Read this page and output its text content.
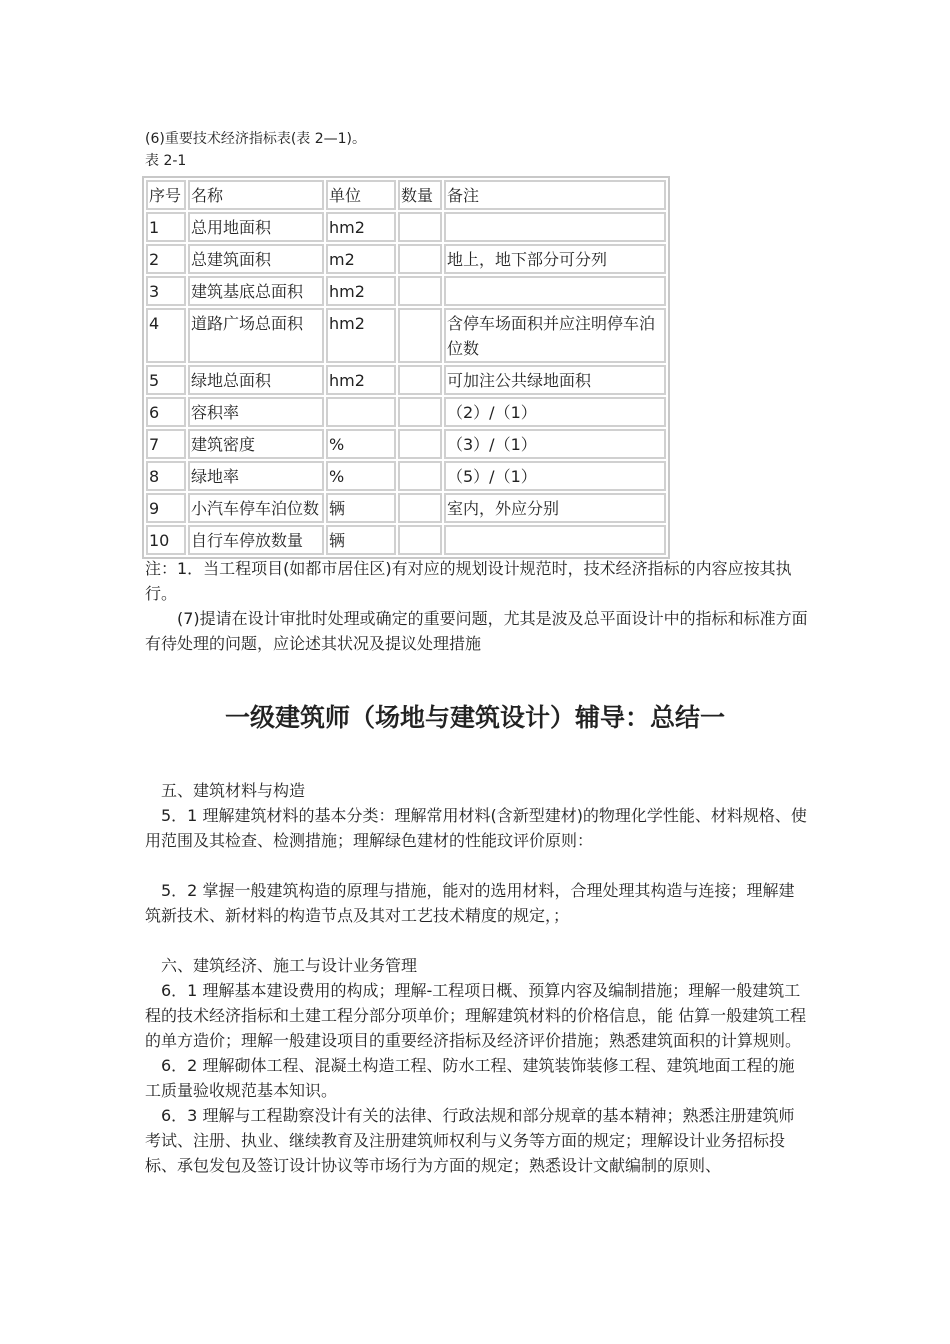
(6)重要技术经济指标表(表 2—1)。
表 2-1
序号	名称	单位	数量	备注
1	总用地面积	hm2		
2	总建筑面积	m2		地上，地下部分可分列
3	建筑基底总面积	hm2		
4	道路广场总面积	hm2		含停车场面积并应注明停车泊位数
5	绿地总面积	hm2		可加注公共绿地面积
6	容积率			（2）/（1）
7	建筑密度	%		（3）/（1）
8	绿地率	%		（5）/（1）
9	小汽车停车泊位数	辆		室内，外应分别
10	自行车停放数量	辆		

注：1．当工程项目(如都市居住区)有对应的规划设计规范时，技术经济指标的内容应按其执行。

(7)提请在设计审批时处理或确定的重要问题，尤其是波及总平面设计中的指标和标准方面有待处理的问题，应论述其状况及提议处理措施

一级建筑师（场地与建筑设计）辅导：总结一

五、建筑材料与构造

5．1 理解建筑材料的基本分类：理解常用材料(含新型建材)的物理化学性能、材料规格、使用范围及其检查、检测措施；理解绿色建材的性能玟评价原则：

5．2 掌握一般建筑构造的原理与措施，能对的选用材料，合理处理其构造与连接；理解建筑新技术、新材料的构造节点及其对工艺技术精度的规定，；

六、建筑经济、施工与设计业务管理

6．1 理解基本建设费用的构成；理解-工程项日概、预算内容及编制措施；理解一般建筑工程的技术经济指标和土建工程分部分项单价；理解建筑材料的价格信息，能 估算一般建筑工程的单方造价；理解一般建设项目的重要经济指标及经济评价措施；熟悉建筑面积的计算规则。

6．2 理解砌体工程、混凝土构造工程、防水工程、建筑装饰装修工程、建筑地面工程的施工质量验收规范基本知识。

6．3 理解与工程勘察没计有关的法律、行政法规和部分规章的基本精神；熟悉注册建筑师考试、注册、执业、继续教育及注册建筑师权利与义务等方面的规定；理解设计业务招标投标、承包发包及签订设计协议等市场行为方面的规定；熟悉设计文献编制的原则、
